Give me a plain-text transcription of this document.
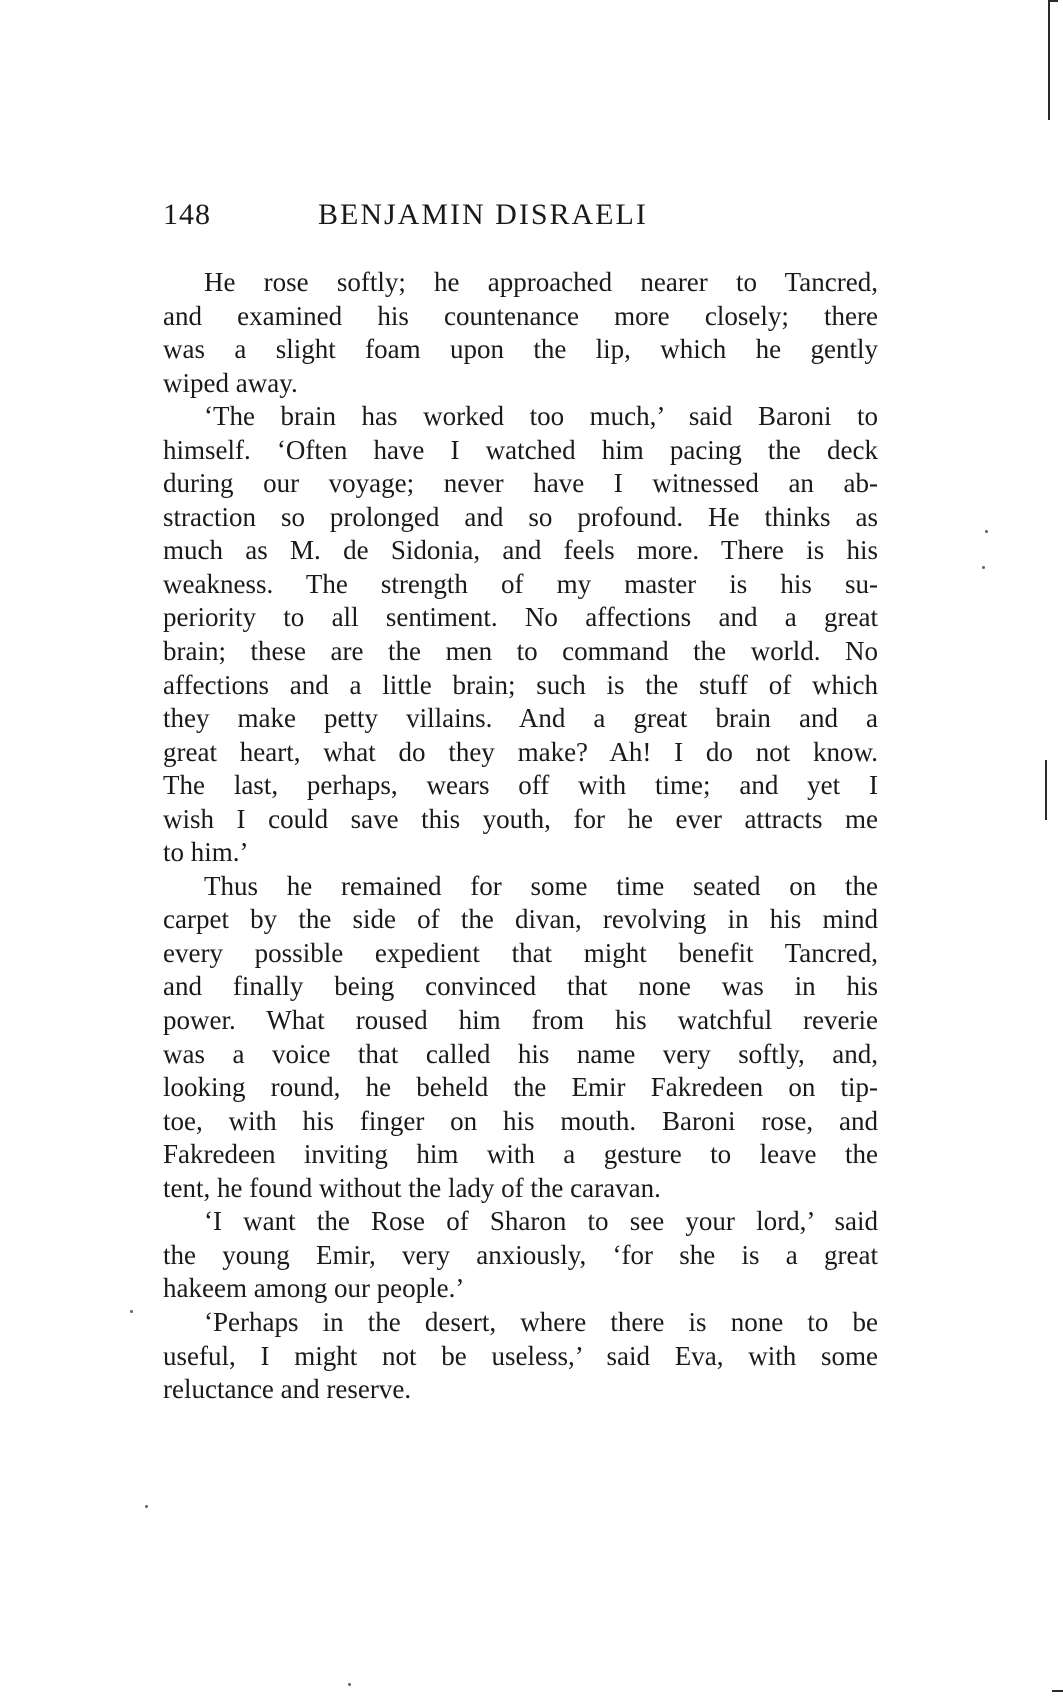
148	BENJAMIN DISRAELI
He rose softly; he approached nearer to Tancred,
and examined his countenance more closely; there
was a slight foam upon the lip, which he gently
wiped away.
‘The brain has worked too much,’ said Baroni to
himself. ‘Often have I watched him pacing the deck
during our voyage; never have I witnessed an ab-
straction so prolonged and so profound. He thinks as
much as M. de Sidonia, and feels more. There is his
weakness. The strength of my master is his su-
periority to all sentiment. No affections and a great
brain; these are the men to command the world. No
affections and a little brain; such is the stuff of which
they make petty villains. And a great brain and a
great heart, what do they make? Ah! I do not know.
The last, perhaps, wears off with time; and yet I
wish I could save this youth, for he ever attracts me
to him.’
Thus he remained for some time seated on the
carpet by the side of the divan, revolving in his mind
every possible expedient that might benefit Tancred,
and finally being convinced that none was in his
power. What roused him from his watchful reverie
was a voice that called his name very softly, and,
looking round, he beheld the Emir Fakredeen on tip-
toe, with his finger on his mouth. Baroni rose, and
Fakredeen inviting him with a gesture to leave the
tent, he found without the lady of the caravan.
‘I want the Rose of Sharon to see your lord,’ said
the young Emir, very anxiously, ‘for she is a great
hakeem among our people.’
‘Perhaps in the desert, where there is none to be
useful, I might not be useless,’ said Eva, with some
reluctance and reserve.
